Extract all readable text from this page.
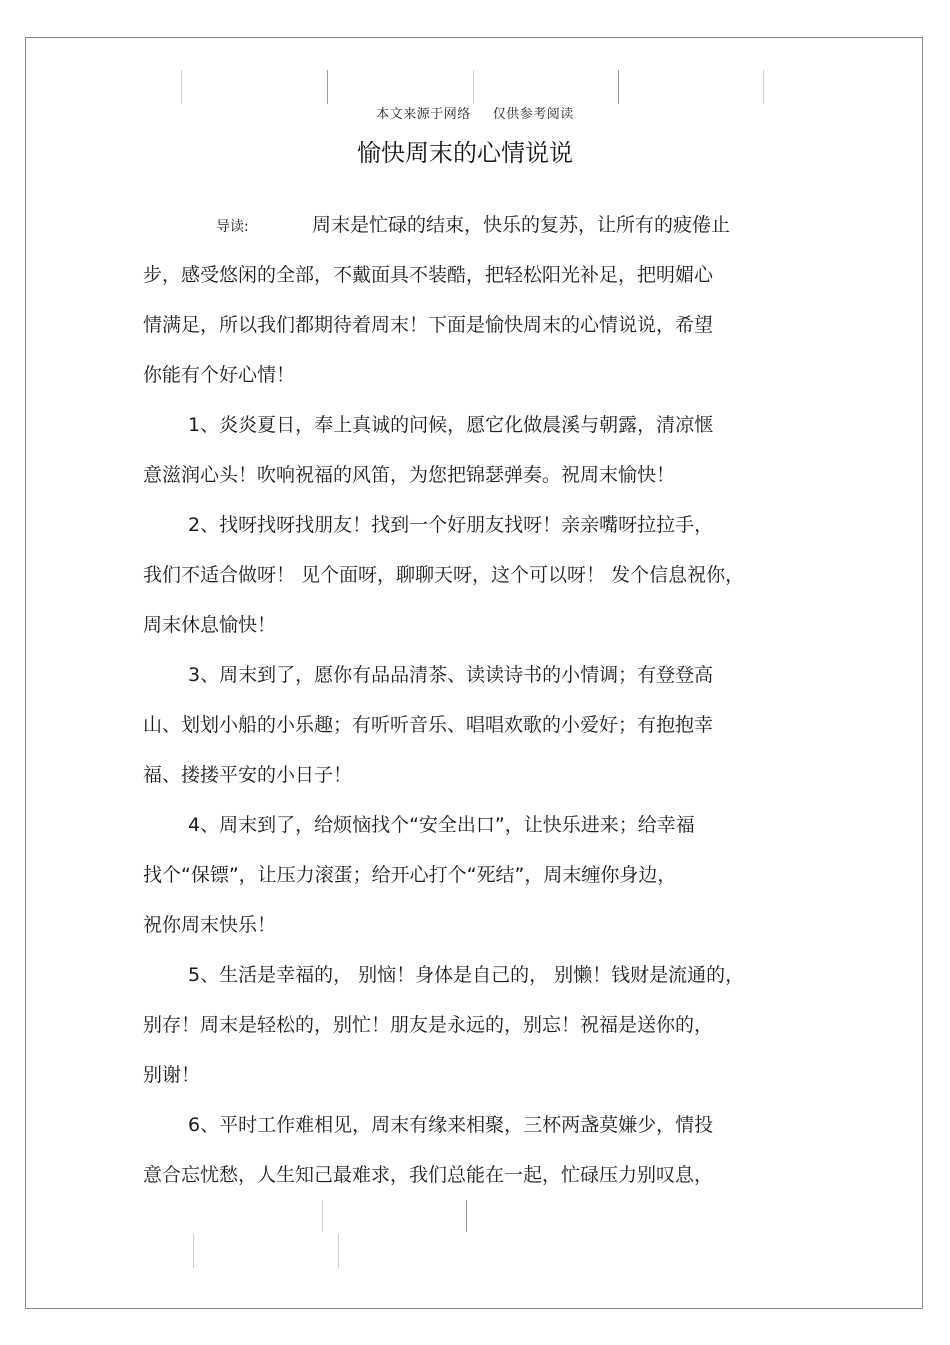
本文来源于网络 仅供参考阅读
愉快周末的心情说说
导读:	周末是忙碌的结束，快乐的复苏，让所有的疲倦止
步，感受悠闲的全部，不戴面具不装酷，把轻松阳光补足，把明媚心
情满足，所以我们都期待着周末！下面是愉快周末的心情说说，希望
你能有个好心情！
1、炎炎夏日，奉上真诚的问候，愿它化做晨溪与朝露，清凉惬
意滋润心头！吹响祝福的风笛，为您把锦瑟弹奏。祝周末愉快！
2、找呀找呀找朋友！找到一个好朋友找呀！亲亲嘴呀拉拉手，
我们不适合做呀！ 见个面呀，聊聊天呀，这个可以呀！ 发个信息祝你，
周末休息愉快！
3、周末到了，愿你有品品清茶、读读诗书的小情调；有登登高
山、划划小船的小乐趣；有听听音乐、唱唱欢歌的小爱好；有抱抱幸
福、搂搂平安的小日子！
4、周末到了，给烦恼找个“安全出口”，让快乐进来；给幸福
找个“保镖”，让压力滚蛋；给开心打个“死结”，周末缠你身边，
祝你周末快乐！
5、生活是幸福的， 别恼！身体是自己的， 别懒！钱财是流通的，
别存！周末是轻松的，别忙！朋友是永远的，别忘！祝福是送你的，
别谢！
6、平时工作难相见，周末有缘来相聚，三杯两盏莫嫌少，情投
意合忘忧愁，人生知己最难求，我们总能在一起，忙碌压力别叹息，
